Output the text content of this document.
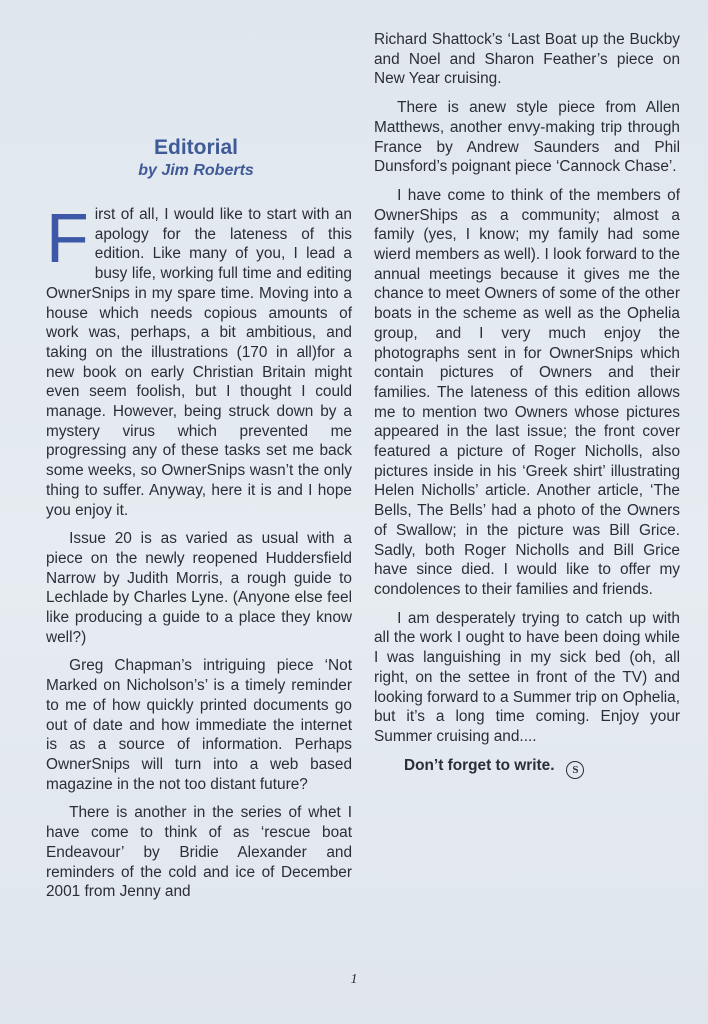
Editorial
by Jim Roberts

First of all, I would like to start with an apology for the lateness of this edition. Like many of you, I lead a busy life, working full time and editing OwnerSnips in my spare time. Moving into a house which needs copious amounts of work was, perhaps, a bit ambitious, and taking on the illustrations (170 in all)for a new book on early Christian Britain might even seem foolish, but I thought I could manage. However, being struck down by a mystery virus which prevented me progressing any of these tasks set me back some weeks, so OwnerSnips wasn’t the only thing to suffer. Anyway, here it is and I hope you enjoy it.

Issue 20 is as varied as usual with a piece on the newly reopened Huddersfield Narrow by Judith Morris, a rough guide to Lechlade by Charles Lyne. (Anyone else feel like producing a guide to a place they know well?)

Greg Chapman’s intriguing piece ‘Not Marked on Nicholson’s’ is a timely reminder to me of how quickly printed documents go out of date and how immediate the internet is as a source of information. Perhaps OwnerSnips will turn into a web based magazine in the not too distant future?

There is another in the series of whet I have come to think of as ‘rescue boat Endeavour’ by Bridie Alexander and reminders of the cold and ice of December 2001 from Jenny and

Richard Shattock’s ‘Last Boat up the Buckby and Noel and Sharon Feather’s piece on New Year cruising.

There is anew style piece from Allen Matthews, another envy-making trip through France by Andrew Saunders and Phil Dunsford’s poignant piece ‘Cannock Chase’.

I have come to think of the members of OwnerShips as a community; almost a family (yes, I know; my family had some wierd members as well). I look forward to the annual meetings because it gives me the chance to meet Owners of some of the other boats in the scheme as well as the Ophelia group, and I very much enjoy the photographs sent in for OwnerSnips which contain pictures of Owners and their families. The lateness of this edition allows me to mention two Owners whose pictures appeared in the last issue; the front cover featured a picture of Roger Nicholls, also pictures inside in his ‘Greek shirt’ illustrating Helen Nicholls’ article. Another article, ‘The Bells, The Bells’ had a photo of the Owners of Swallow; in the picture was Bill Grice. Sadly, both Roger Nicholls and Bill Grice have since died. I would like to offer my condolences to their families and friends.

I am desperately trying to catch up with all the work I ought to have been doing while I was languishing in my sick bed (oh, all right, on the settee in front of the TV) and looking forward to a Summer trip on Ophelia, but it’s a long time coming. Enjoy your Summer cruising and....

Don’t forget to write. S

1
